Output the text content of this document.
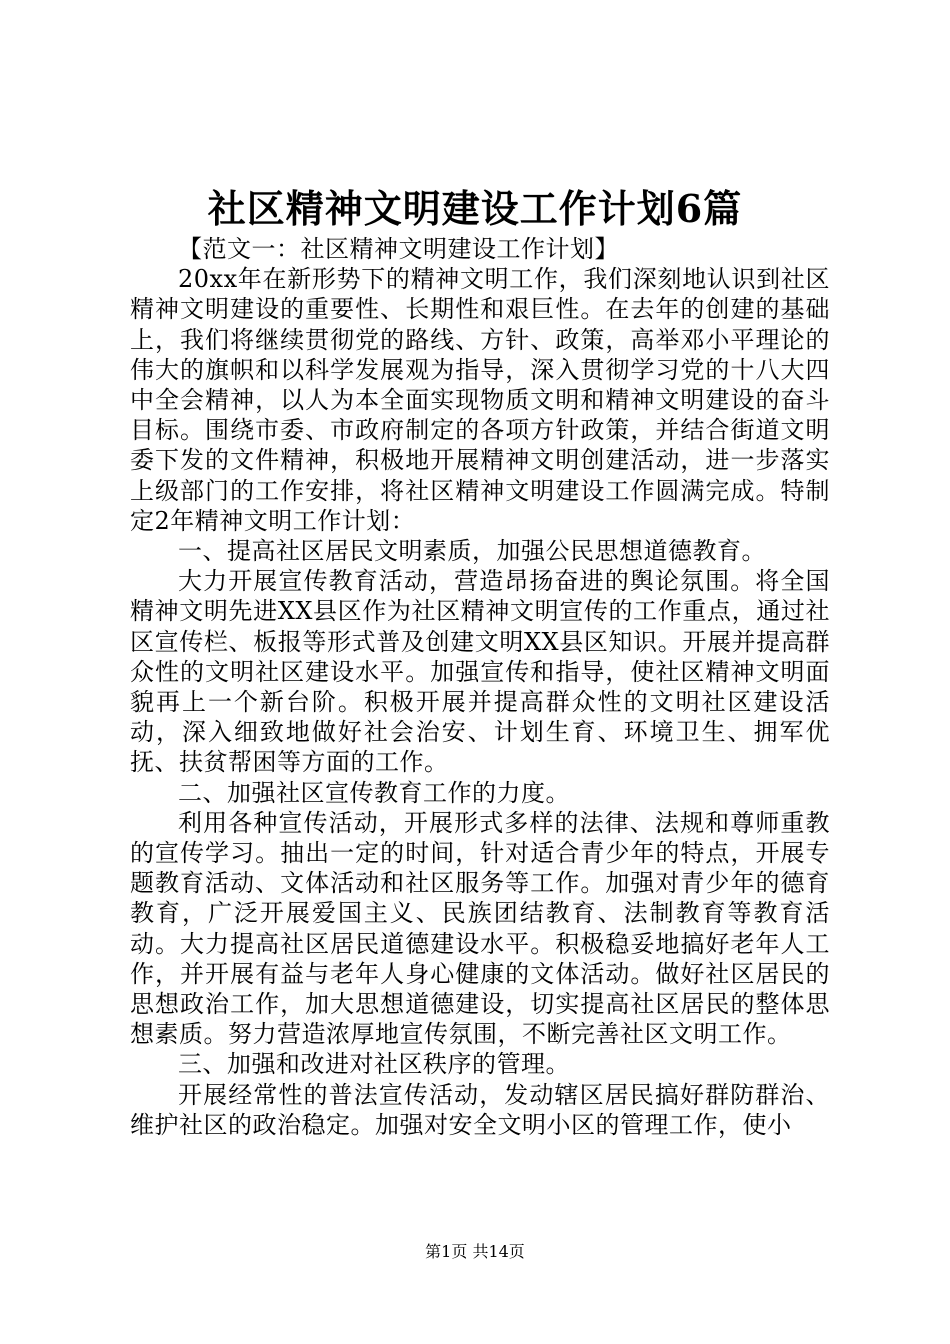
社区精神文明建设工作计划6篇

【范文一：社区精神文明建设工作计划】

20xx年在新形势下的精神文明工作，我们深刻地认识到社区精神文明建设的重要性、长期性和艰巨性。在去年的创建的基础上，我们将继续贯彻党的路线、方针、政策，高举邓小平理论的伟大的旗帜和以科学发展观为指导，深入贯彻学习党的十八大四中全会精神，以人为本全面实现物质文明和精神文明建设的奋斗目标。围绕市委、市政府制定的各项方针政策，并结合街道文明委下发的文件精神，积极地开展精神文明创建活动，进一步落实上级部门的工作安排，将社区精神文明建设工作圆满完成。特制定2年精神文明工作计划：

一、提高社区居民文明素质，加强公民思想道德教育。

大力开展宣传教育活动，营造昂扬奋进的舆论氛围。将全国精神文明先进XX县区作为社区精神文明宣传的工作重点，通过社区宣传栏、板报等形式普及创建文明XX县区知识。开展并提高群众性的文明社区建设水平。加强宣传和指导，使社区精神文明面貌再上一个新台阶。积极开展并提高群众性的文明社区建设活动，深入细致地做好社会治安、计划生育、环境卫生、拥军优抚、扶贫帮困等方面的工作。

二、加强社区宣传教育工作的力度。

利用各种宣传活动，开展形式多样的法律、法规和尊师重教的宣传学习。抽出一定的时间，针对适合青少年的特点，开展专题教育活动、文体活动和社区服务等工作。加强对青少年的德育教育，广泛开展爱国主义、民族团结教育、法制教育等教育活动。大力提高社区居民道德建设水平。积极稳妥地搞好老年人工作，并开展有益与老年人身心健康的文体活动。做好社区居民的思想政治工作，加大思想道德建设，切实提高社区居民的整体思想素质。努力营造浓厚地宣传氛围，不断完善社区文明工作。

三、加强和改进对社区秩序的管理。

开展经常性的普法宣传活动，发动辖区居民搞好群防群治、维护社区的政治稳定。加强对安全文明小区的管理工作，使小

第1页 共14页
